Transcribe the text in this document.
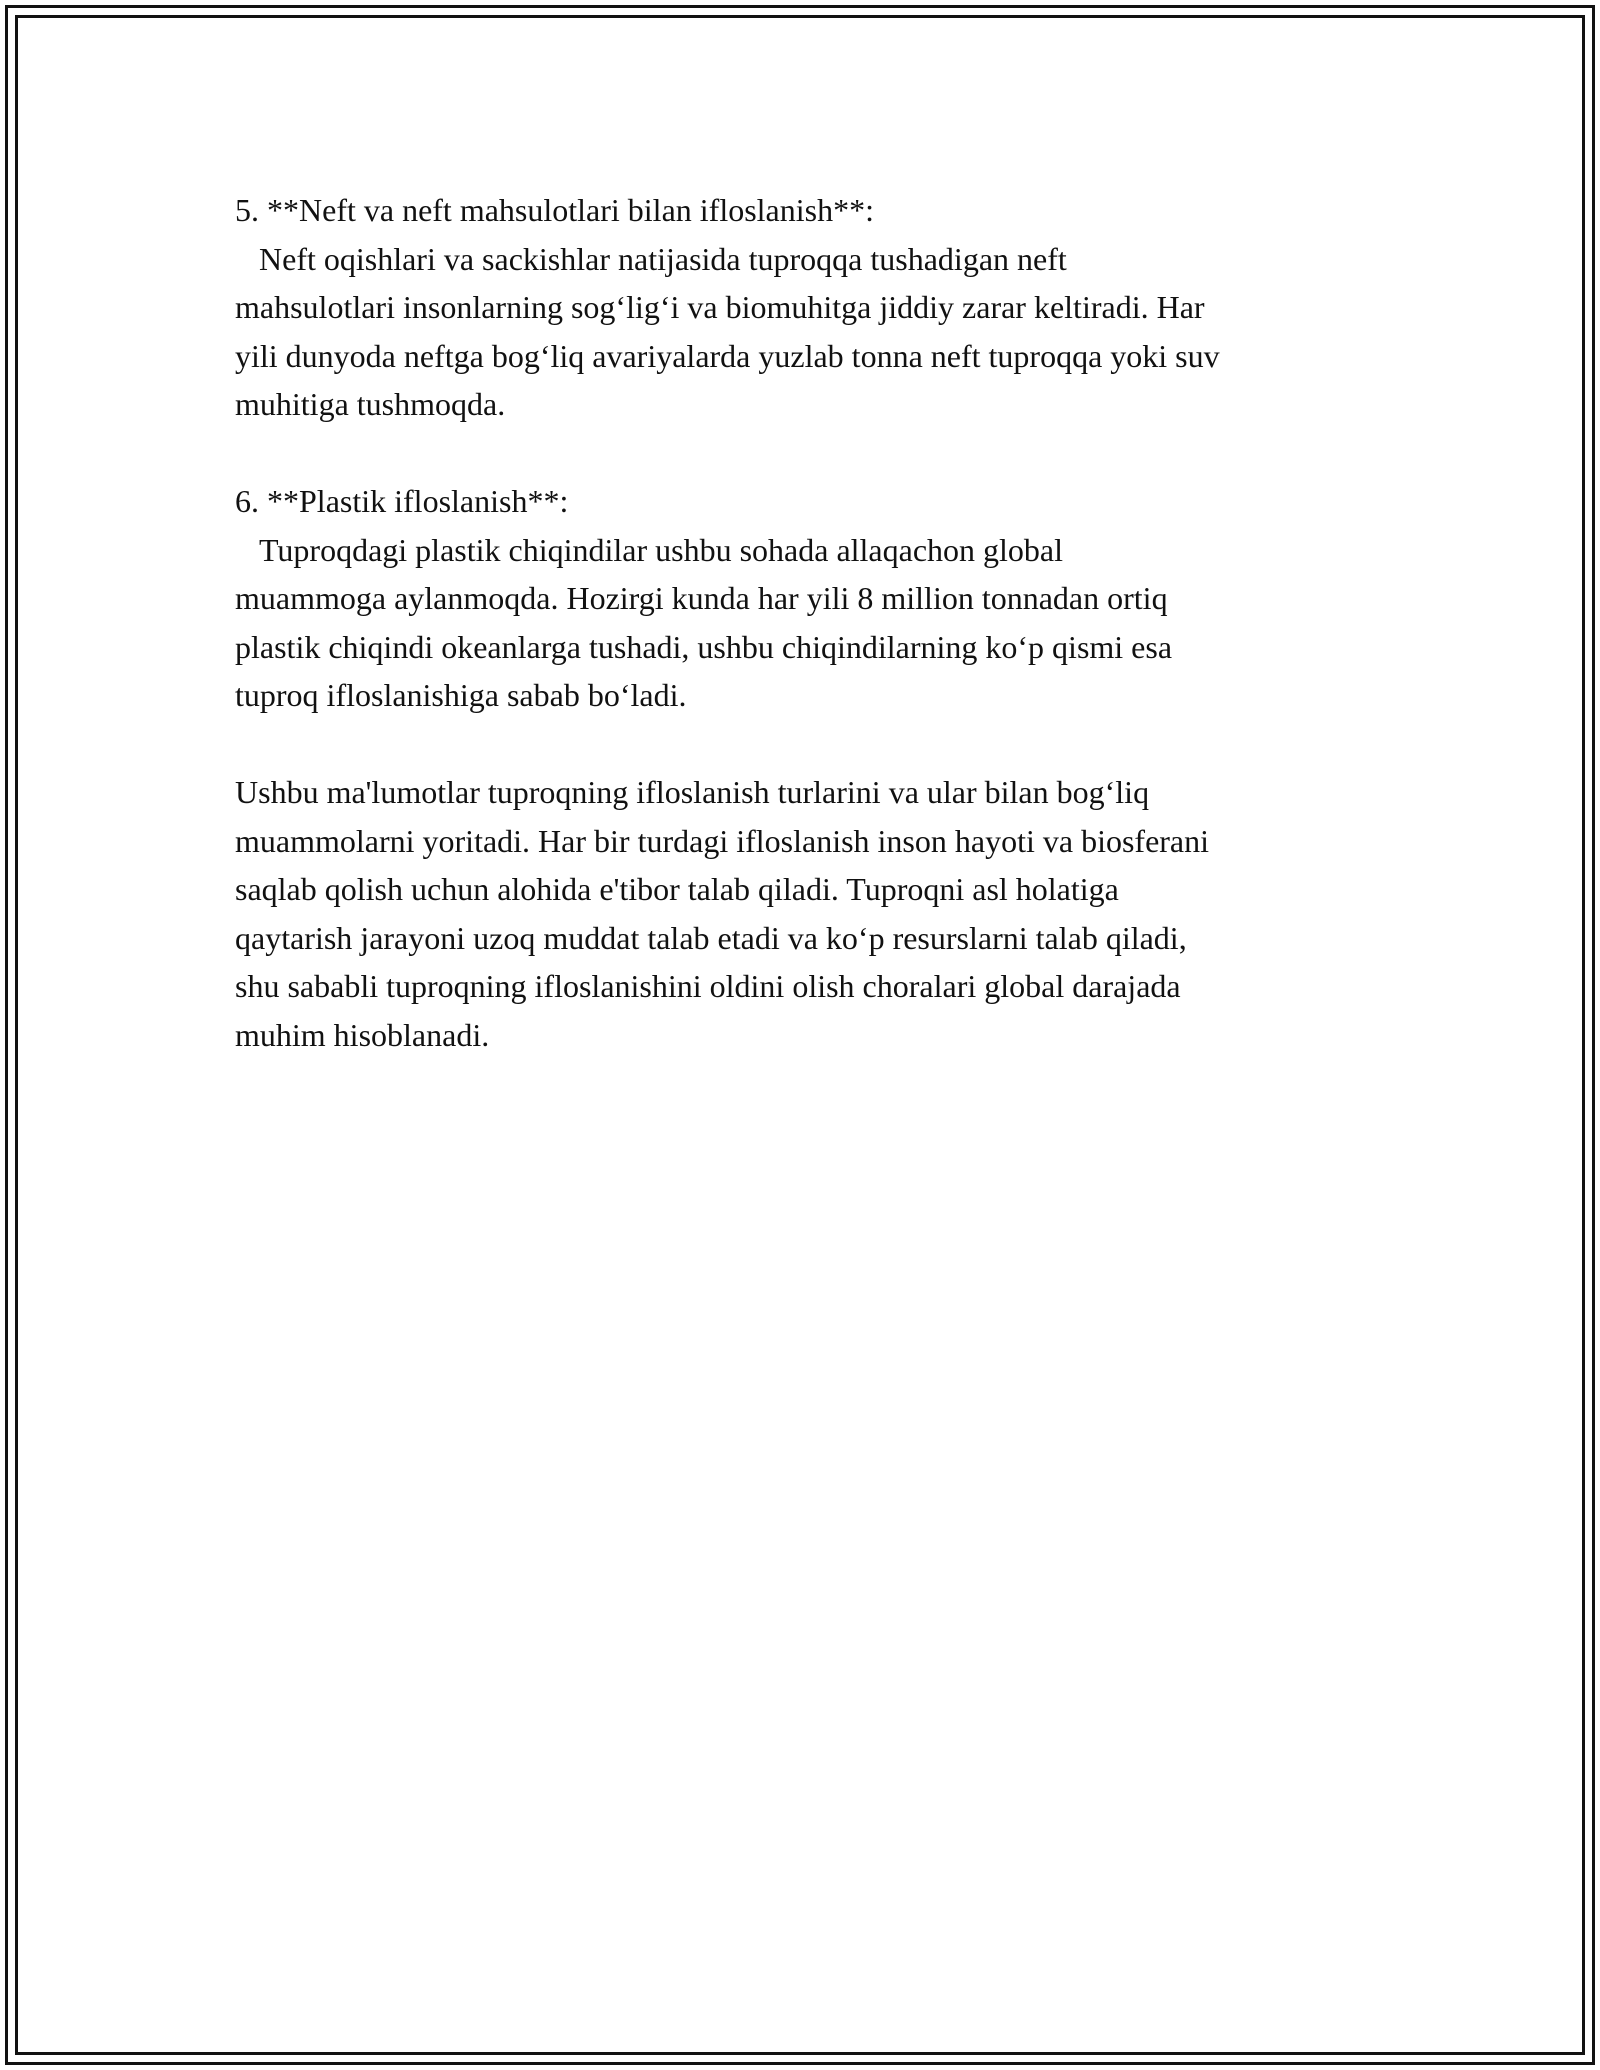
5. **Neft va neft mahsulotlari bilan ifloslanish**:

Neft oqishlari va sackishlar natijasida tuproqqa tushadigan neft
mahsulotlari insonlarning sog‘lig‘i va biomuhitga jiddiy zarar keltiradi. Har
yili dunyoda neftga bog‘liq avariyalarda yuzlab tonna neft tuproqqa yoki suv
muhitiga tushmoqda.

6. **Plastik ifloslanish**:

Tuproqdagi plastik chiqindilar ushbu sohada allaqachon global
muammoga aylanmoqda. Hozirgi kunda har yili 8 million tonnadan ortiq
plastik chiqindi okeanlarga tushadi, ushbu chiqindilarning ko‘p qismi esa
tuproq ifloslanishiga sabab bo‘ladi.

Ushbu ma'lumotlar tuproqning ifloslanish turlarini va ular bilan bog‘liq
muammolarni yoritadi. Har bir turdagi ifloslanish inson hayoti va biosferani
saqlab qolish uchun alohida e'tibor talab qiladi. Tuproqni asl holatiga
qaytarish jarayoni uzoq muddat talab etadi va ko‘p resurslarni talab qiladi,
shu sababli tuproqning ifloslanishini oldini olish choralari global darajada
muhim hisoblanadi.
